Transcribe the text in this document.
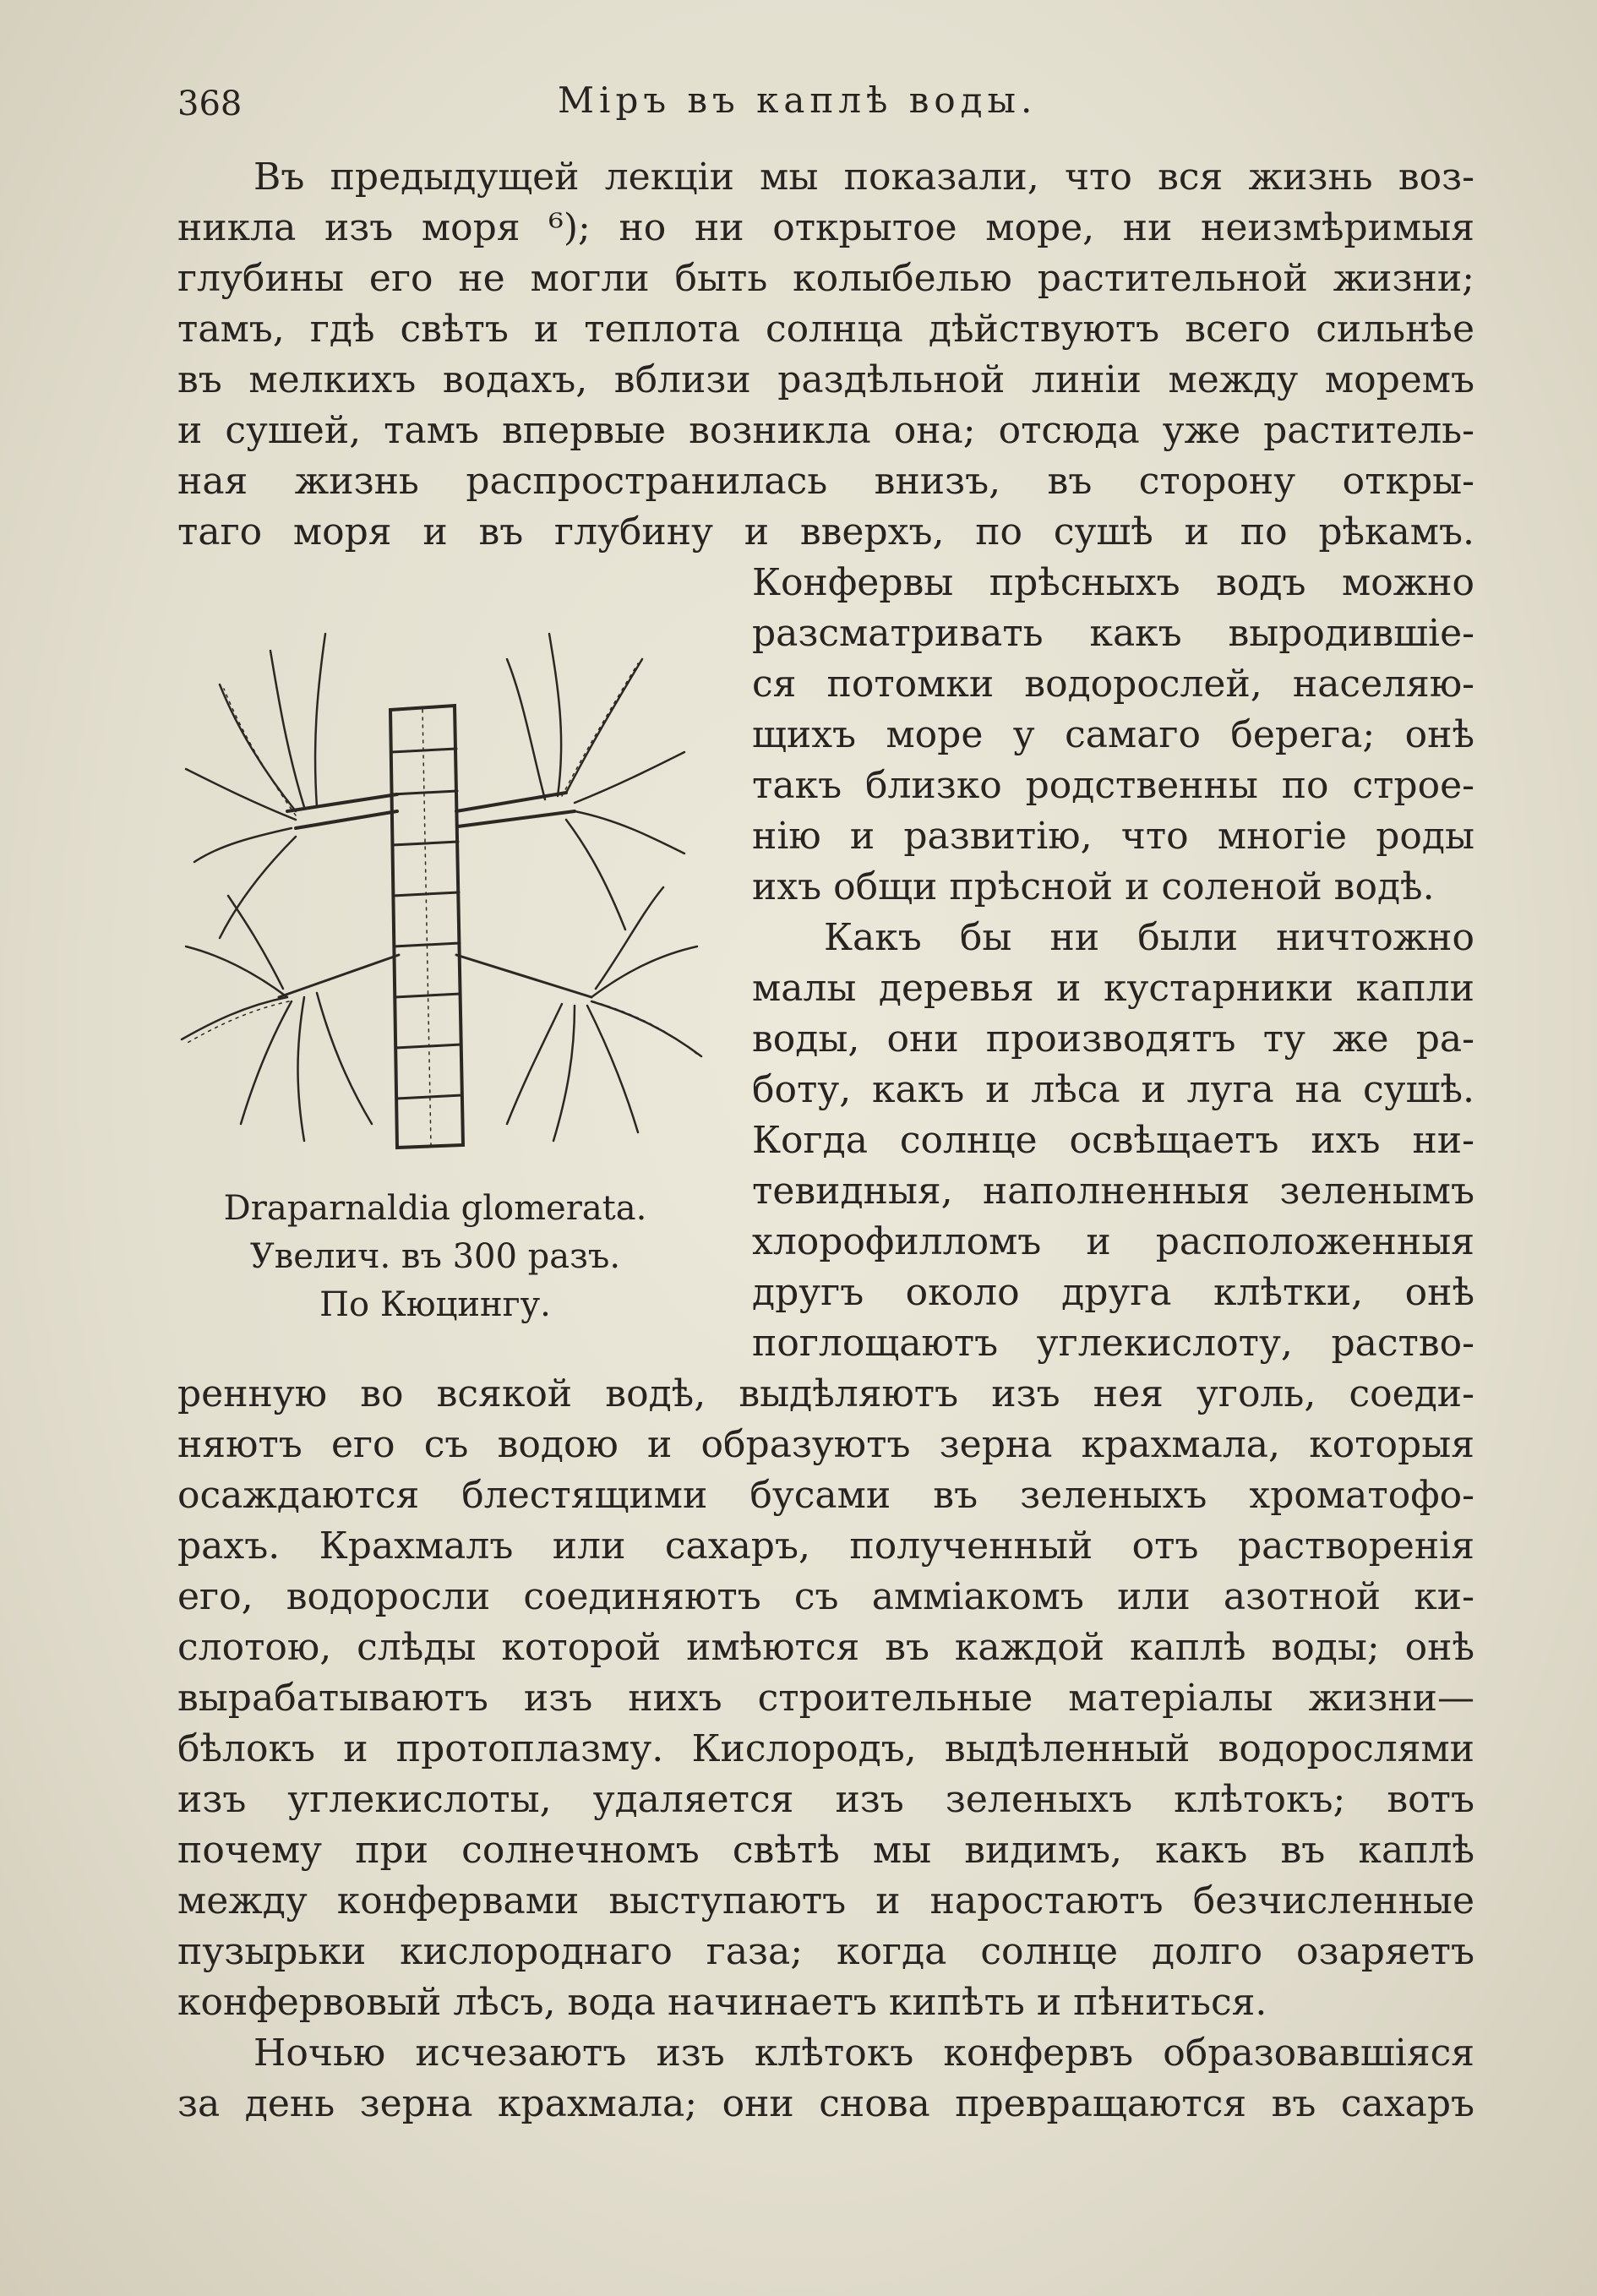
368	Міръ въ каплѣ воды.
Въ предыдущей лекціи мы показали, что вся жизнь воз-
никла изъ моря ⁶); но ни открытое море, ни неизмѣримыя
глубины его не могли быть колыбелью растительной жизни;
тамъ, гдѣ свѣтъ и теплота солнца дѣйствуютъ всего сильнѣе
въ мелкихъ водахъ, вблизи раздѣльной линіи между моремъ
и сушей, тамъ впервые возникла она; отсюда уже раститель-
ная жизнь распространилась внизъ, въ сторону откры-
таго моря и въ глубину и вверхъ, по сушѣ и по рѣкамъ.
Конфервы прѣсныхъ водъ можно
разсматривать какъ выродившіе-
ся потомки водорослей, населяю-
щихъ море у самаго берега; онѣ
такъ близко родственны по строе-
нію и развитію, что многіе роды
ихъ общи прѣсной и соленой водѣ.
Какъ бы ни были ничтожно
малы деревья и кустарники капли
воды, они производятъ ту же ра-
боту, какъ и лѣса и луга на сушѣ.
Когда солнце освѣщаетъ ихъ ни-
тевидныя, наполненныя зеленымъ
хлорофилломъ и расположенныя
другъ около друга клѣтки, онѣ
поглощаютъ углекислоту, раство-
Draparnaldia glomerata.
Увелич. въ 300 разъ.
По Кюцингу.
ренную во всякой водѣ, выдѣляютъ изъ нея уголь, соеди-
няютъ его съ водою и образуютъ зерна крахмала, которыя
осаждаются блестящими бусами въ зеленыхъ хроматофо-
рахъ. Крахмалъ или сахаръ, полученный отъ растворенія
его, водоросли соединяютъ съ амміакомъ или азотной ки-
слотою, слѣды которой имѣются въ каждой каплѣ воды; онѣ
вырабатываютъ изъ нихъ строительные матеріалы жизни—
бѣлокъ и протоплазму. Кислородъ, выдѣленный водорослями
изъ углекислоты, удаляется изъ зеленыхъ клѣтокъ; вотъ
почему при солнечномъ свѣтѣ мы видимъ, какъ въ каплѣ
между конфервами выступаютъ и наростаютъ безчисленные
пузырьки кислороднаго газа; когда солнце долго озаряетъ
конфервовый лѣсъ, вода начинаетъ кипѣть и пѣниться.
Ночью исчезаютъ изъ клѣтокъ конфервъ образовавшіяся
за день зерна крахмала; они снова превращаются въ сахаръ
